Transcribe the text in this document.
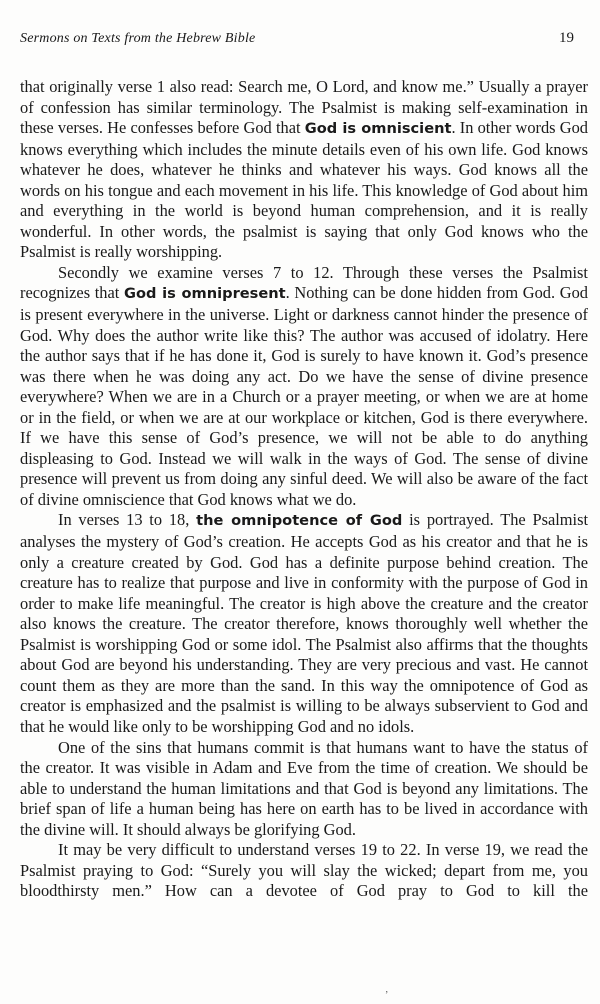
Sermons on Texts from the Hebrew Bible	19

that originally verse 1 also read: Search me, O Lord, and know me.” Usually a prayer of confession has similar terminology. The Psalmist is making self-examination in these verses. He confesses before God that God is omniscient. In other words God knows everything which includes the minute details even of his own life. God knows whatever he does, whatever he thinks and whatever his ways. God knows all the words on his tongue and each movement in his life. This knowledge of God about him and everything in the world is beyond human comprehension, and it is really wonderful. In other words, the psalmist is saying that only God knows who the Psalmist is really worshipping.

Secondly we examine verses 7 to 12. Through these verses the Psalmist recognizes that God is omnipresent. Nothing can be done hidden from God. God is present everywhere in the universe. Light or darkness cannot hinder the presence of God. Why does the author write like this? The author was accused of idolatry. Here the author says that if he has done it, God is surely to have known it. God’s presence was there when he was doing any act. Do we have the sense of divine presence everywhere? When we are in a Church or a prayer meeting, or when we are at home or in the field, or when we are at our workplace or kitchen, God is there everywhere. If we have this sense of God’s presence, we will not be able to do anything displeasing to God. Instead we will walk in the ways of God. The sense of divine presence will prevent us from doing any sinful deed. We will also be aware of the fact of divine omniscience that God knows what we do.

In verses 13 to 18, the omnipotence of God is portrayed. The Psalmist analyses the mystery of God’s creation. He accepts God as his creator and that he is only a creature created by God. God has a definite purpose behind creation. The creature has to realize that purpose and live in conformity with the purpose of God in order to make life meaningful. The creator is high above the creature and the creator also knows the creature. The creator therefore, knows thoroughly well whether the Psalmist is worshipping God or some idol. The Psalmist also affirms that the thoughts about God are beyond his understanding. They are very precious and vast. He cannot count them as they are more than the sand. In this way the omnipotence of God as creator is emphasized and the psalmist is willing to be always subservient to God and that he would like only to be worshipping God and no idols.

One of the sins that humans commit is that humans want to have the status of the creator. It was visible in Adam and Eve from the time of creation. We should be able to understand the human limitations and that God is beyond any limitations. The brief span of life a human being has here on earth has to be lived in accordance with the divine will. It should always be glorifying God.

It may be very difficult to understand verses 19 to 22. In verse 19, we read the Psalmist praying to God: “Surely you will slay the wicked; depart from me, you bloodthirsty men.” How can a devotee of God pray to God to kill the

’
